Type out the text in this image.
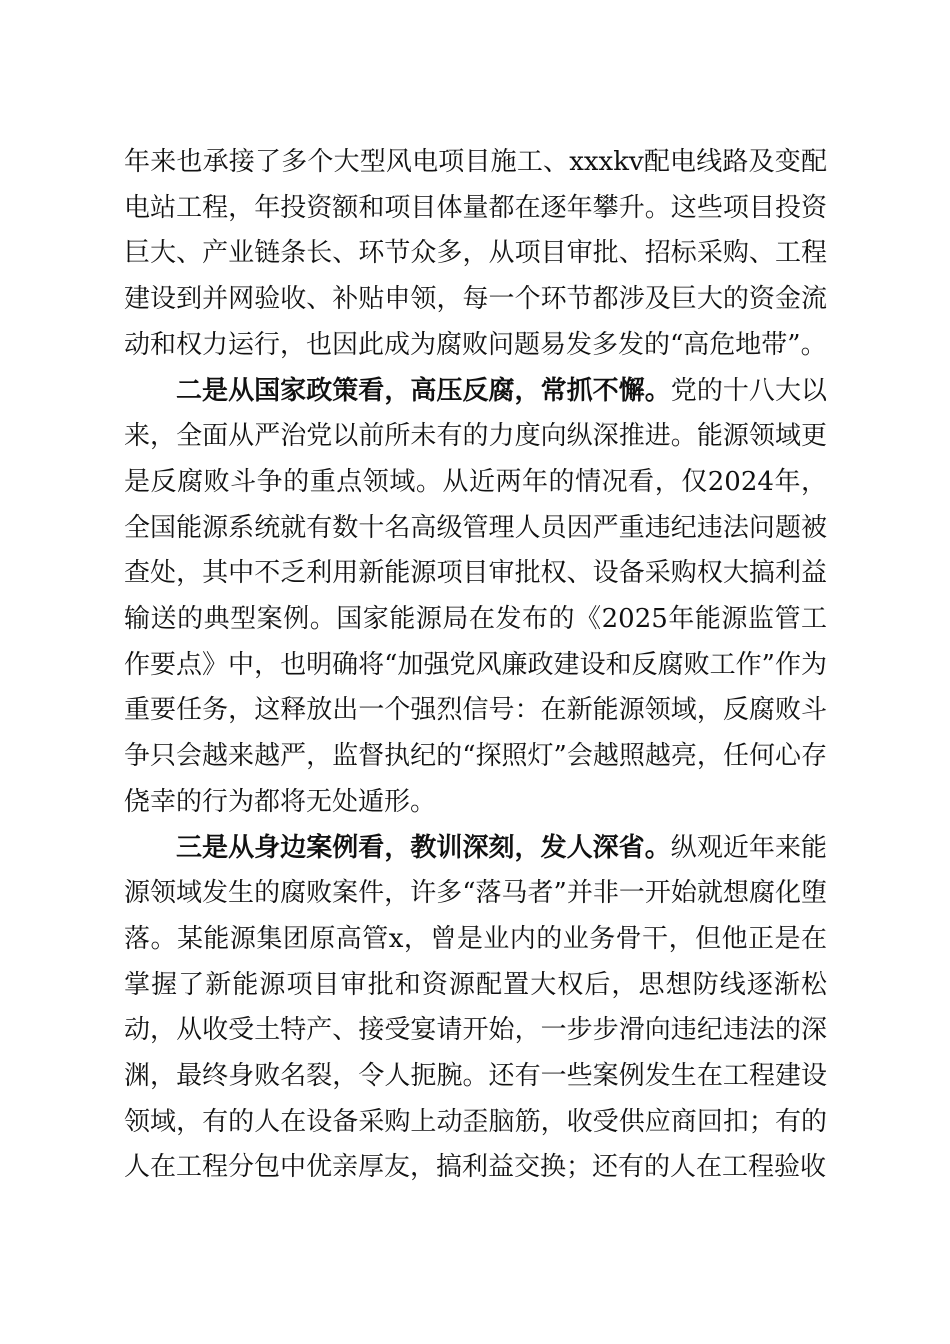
年来也承接了多个大型风电项目施工、xxxkv配电线路及变配电站工程，年投资额和项目体量都在逐年攀升。这些项目投资巨大、产业链条长、环节众多，从项目审批、招标采购、工程建设到并网验收、补贴申领，每一个环节都涉及巨大的资金流动和权力运行，也因此成为腐败问题易发多发的“高危地带”。

二是从国家政策看，高压反腐，常抓不懈。党的十八大以来，全面从严治党以前所未有的力度向纵深推进。能源领域更是反腐败斗争的重点领域。从近两年的情况看，仅2024年，全国能源系统就有数十名高级管理人员因严重违纪违法问题被查处，其中不乏利用新能源项目审批权、设备采购权大搞利益输送的典型案例。国家能源局在发布的《2025年能源监管工作要点》中，也明确将“加强党风廉政建设和反腐败工作”作为重要任务，这释放出一个强烈信号：在新能源领域，反腐败斗争只会越来越严，监督执纪的“探照灯”会越照越亮，任何心存侥幸的行为都将无处遁形。

三是从身边案例看，教训深刻，发人深省。纵观近年来能源领域发生的腐败案件，许多“落马者”并非一开始就想腐化堕落。某能源集团原高管x，曾是业内的业务骨干，但他正是在掌握了新能源项目审批和资源配置大权后，思想防线逐渐松动，从收受土特产、接受宴请开始，一步步滑向违纪违法的深渊，最终身败名裂，令人扼腕。还有一些案例发生在工程建设领域，有的人在设备采购上动歪脑筋，收受供应商回扣；有的人在工程分包中优亲厚友，搞利益交换；还有的人在工程验收
